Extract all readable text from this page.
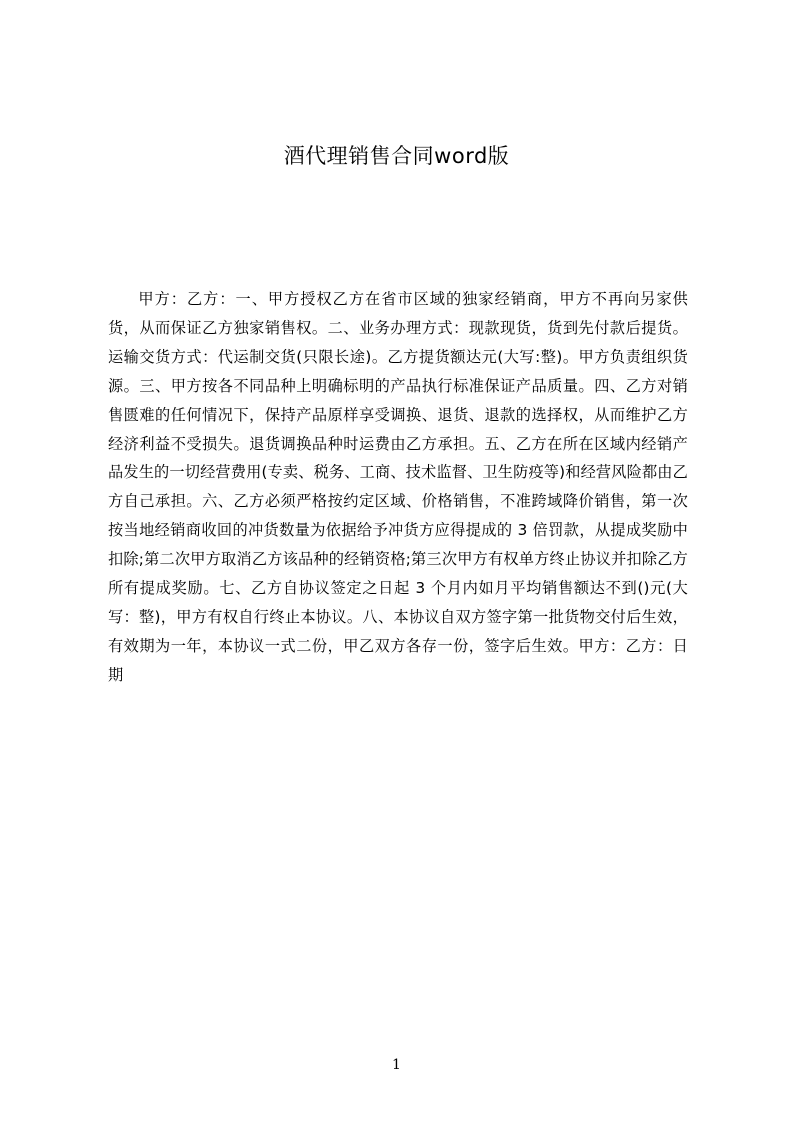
酒代理销售合同word版
甲方：乙方：一、甲方授权乙方在省市区域的独家经销商，甲方不再向另家供货，从而保证乙方独家销售权。二、业务办理方式：现款现货，货到先付款后提货。运输交货方式：代运制交货(只限长途)。乙方提货额达元(大写:整)。甲方负责组织货源。三、甲方按各不同品种上明确标明的产品执行标准保证产品质量。四、乙方对销售匮难的任何情况下，保持产品原样享受调换、退货、退款的选择权，从而维护乙方经济利益不受损失。退货调换品种时运费由乙方承担。五、乙方在所在区域内经销产品发生的一切经营费用(专卖、税务、工商、技术监督、卫生防疫等)和经营风险都由乙方自己承担。六、乙方必须严格按约定区域、价格销售，不准跨域降价销售，第一次按当地经销商收回的冲货数量为依据给予冲货方应得提成的 3 倍罚款，从提成奖励中扣除;第二次甲方取消乙方该品种的经销资格;第三次甲方有权单方终止协议并扣除乙方所有提成奖励。七、乙方自协议签定之日起 3 个月内如月平均销售额达不到()元(大写：整)，甲方有权自行终止本协议。八、本协议自双方签字第一批货物交付后生效，有效期为一年，本协议一式二份，甲乙双方各存一份，签字后生效。甲方：乙方：日期
1
